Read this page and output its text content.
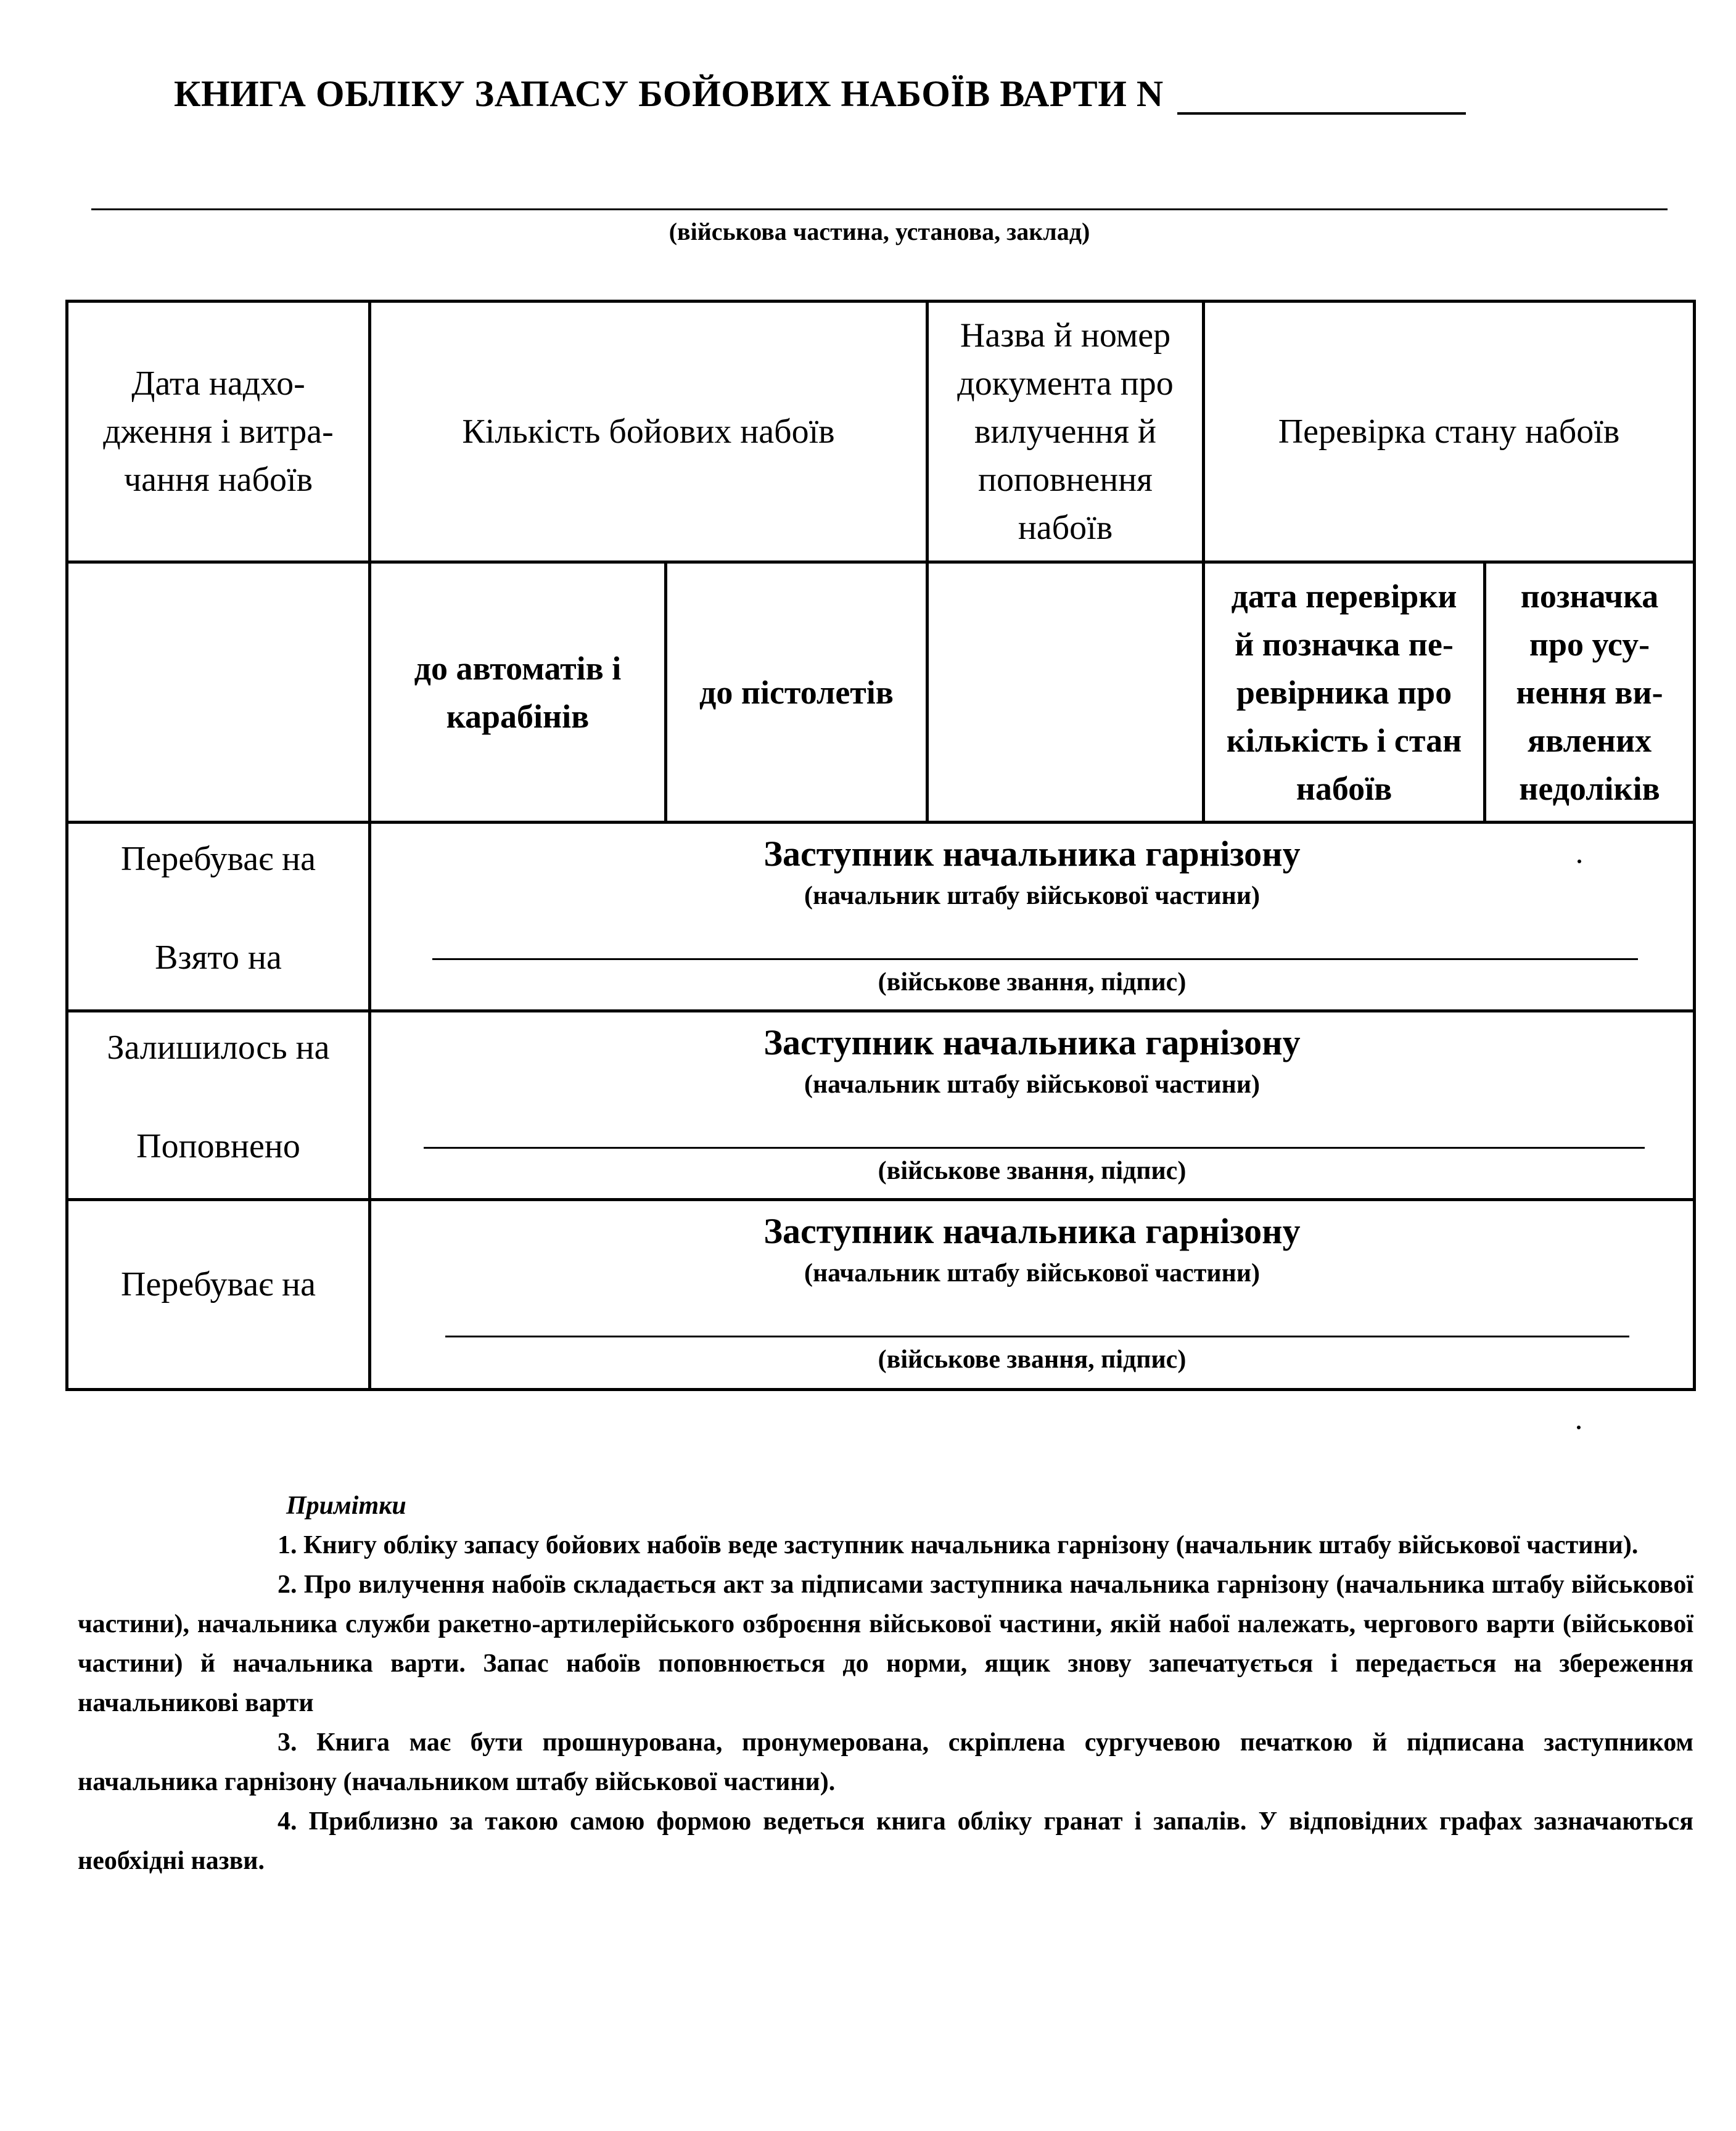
КНИГА ОБЛІКУ ЗАПАСУ БОЙОВИХ НАБОЇВ ВАРТИ N
(військова частина, установа, заклад)
Дата надхо-
дження і витра-
чання набоїв
Кількість бойових набоїв
Назва й номер
документа про
вилучення й
поповнення
набоїв
Перевірка стану набоїв
до автоматів і
карабінів
до пістолетів
дата перевірки
й позначка пе-
ревірника про
кількість і стан
набоїв
позначка
про усу-
нення ви-
явлених
недоліків
Перебуває на
Взято на
Заступник начальника гарнізону
(начальник штабу військової частини)
(військове звання, підпис)
Залишилось на
Поповнено
Заступник начальника гарнізону
(начальник штабу військової частини)
(військове звання, підпис)
Перебуває на
Заступник начальника гарнізону
(начальник штабу військової частини)
(військове звання, підпис)
Примітки

1. Книгу обліку запасу бойових набоїв веде заступник начальника гарнізону (начальник штабу військової частини).

2. Про вилучення набоїв складається акт за підписами заступника начальника гарнізону (начальника штабу військової частини), начальника служби ракетно-артилерійського озброєння військової частини, якій набої належать, чергового варти (військової частини) й начальника варти. Запас набоїв поповнюється до норми, ящик знову запечатується і передається на збереження начальникові варти

3. Книга має бути прошнурована, пронумерована, скріплена сургучевою печаткою й підписана заступником начальника гарнізону (начальником штабу військової частини).

4. Приблизно за такою самою формою ведеться книга обліку гранат і запалів. У відповідних графах зазначаються необхідні назви.
